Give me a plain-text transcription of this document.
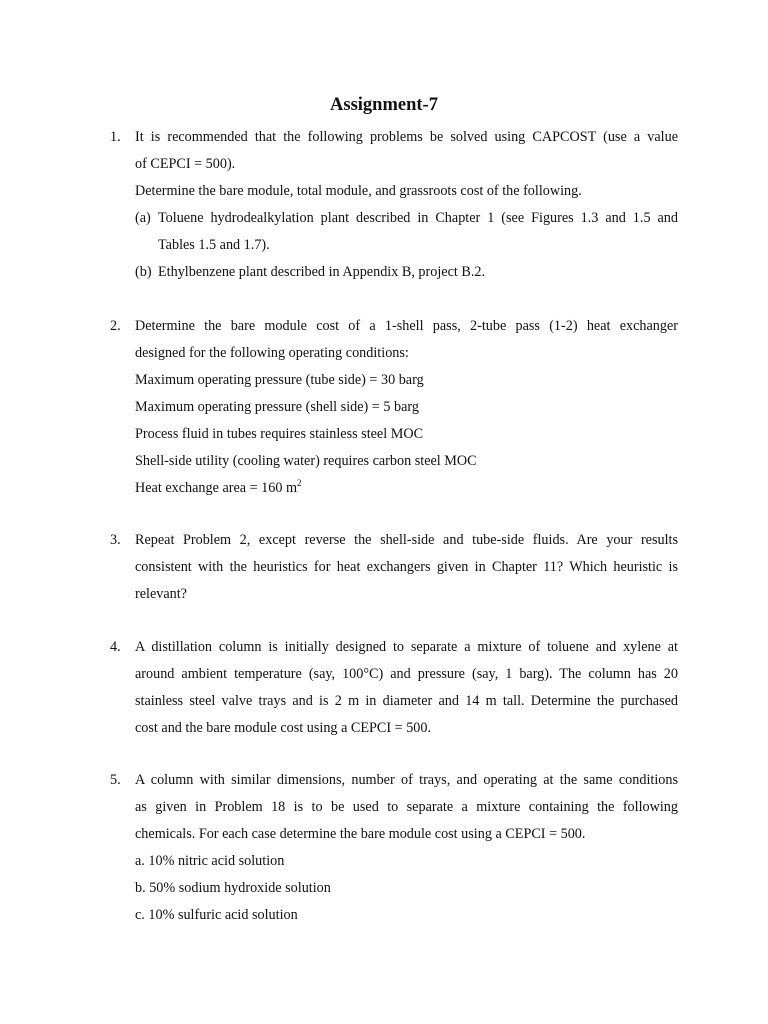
Assignment-7
1. It is recommended that the following problems be solved using CAPCOST (use a value
of CEPCI = 500).
Determine the bare module, total module, and grassroots cost of the following.
(a) Toluene hydrodealkylation plant described in Chapter 1 (see Figures 1.3 and 1.5 and
Tables 1.5 and 1.7).
(b) Ethylbenzene plant described in Appendix B, project B.2.
2. Determine the bare module cost of a 1-shell pass, 2-tube pass (1-2) heat exchanger
designed for the following operating conditions:
Maximum operating pressure (tube side) = 30 barg
Maximum operating pressure (shell side) = 5 barg
Process fluid in tubes requires stainless steel MOC
Shell-side utility (cooling water) requires carbon steel MOC
Heat exchange area = 160 $m^2$
3. Repeat Problem 2, except reverse the shell-side and tube-side fluids. Are your results
consistent with the heuristics for heat exchangers given in Chapter 11? Which heuristic is
relevant?
4. A distillation column is initially designed to separate a mixture of toluene and xylene at
around ambient temperature (say, 100°C) and pressure (say, 1 barg). The column has 20
stainless steel valve trays and is 2 m in diameter and 14 m tall. Determine the purchased
cost and the bare module cost using a CEPCI = 500.
5. A column with similar dimensions, number of trays, and operating at the same conditions
as given in Problem 18 is to be used to separate a mixture containing the following
chemicals. For each case determine the bare module cost using a CEPCI = 500.
a. 10% nitric acid solution
b. 50% sodium hydroxide solution
c. 10% sulfuric acid solution
